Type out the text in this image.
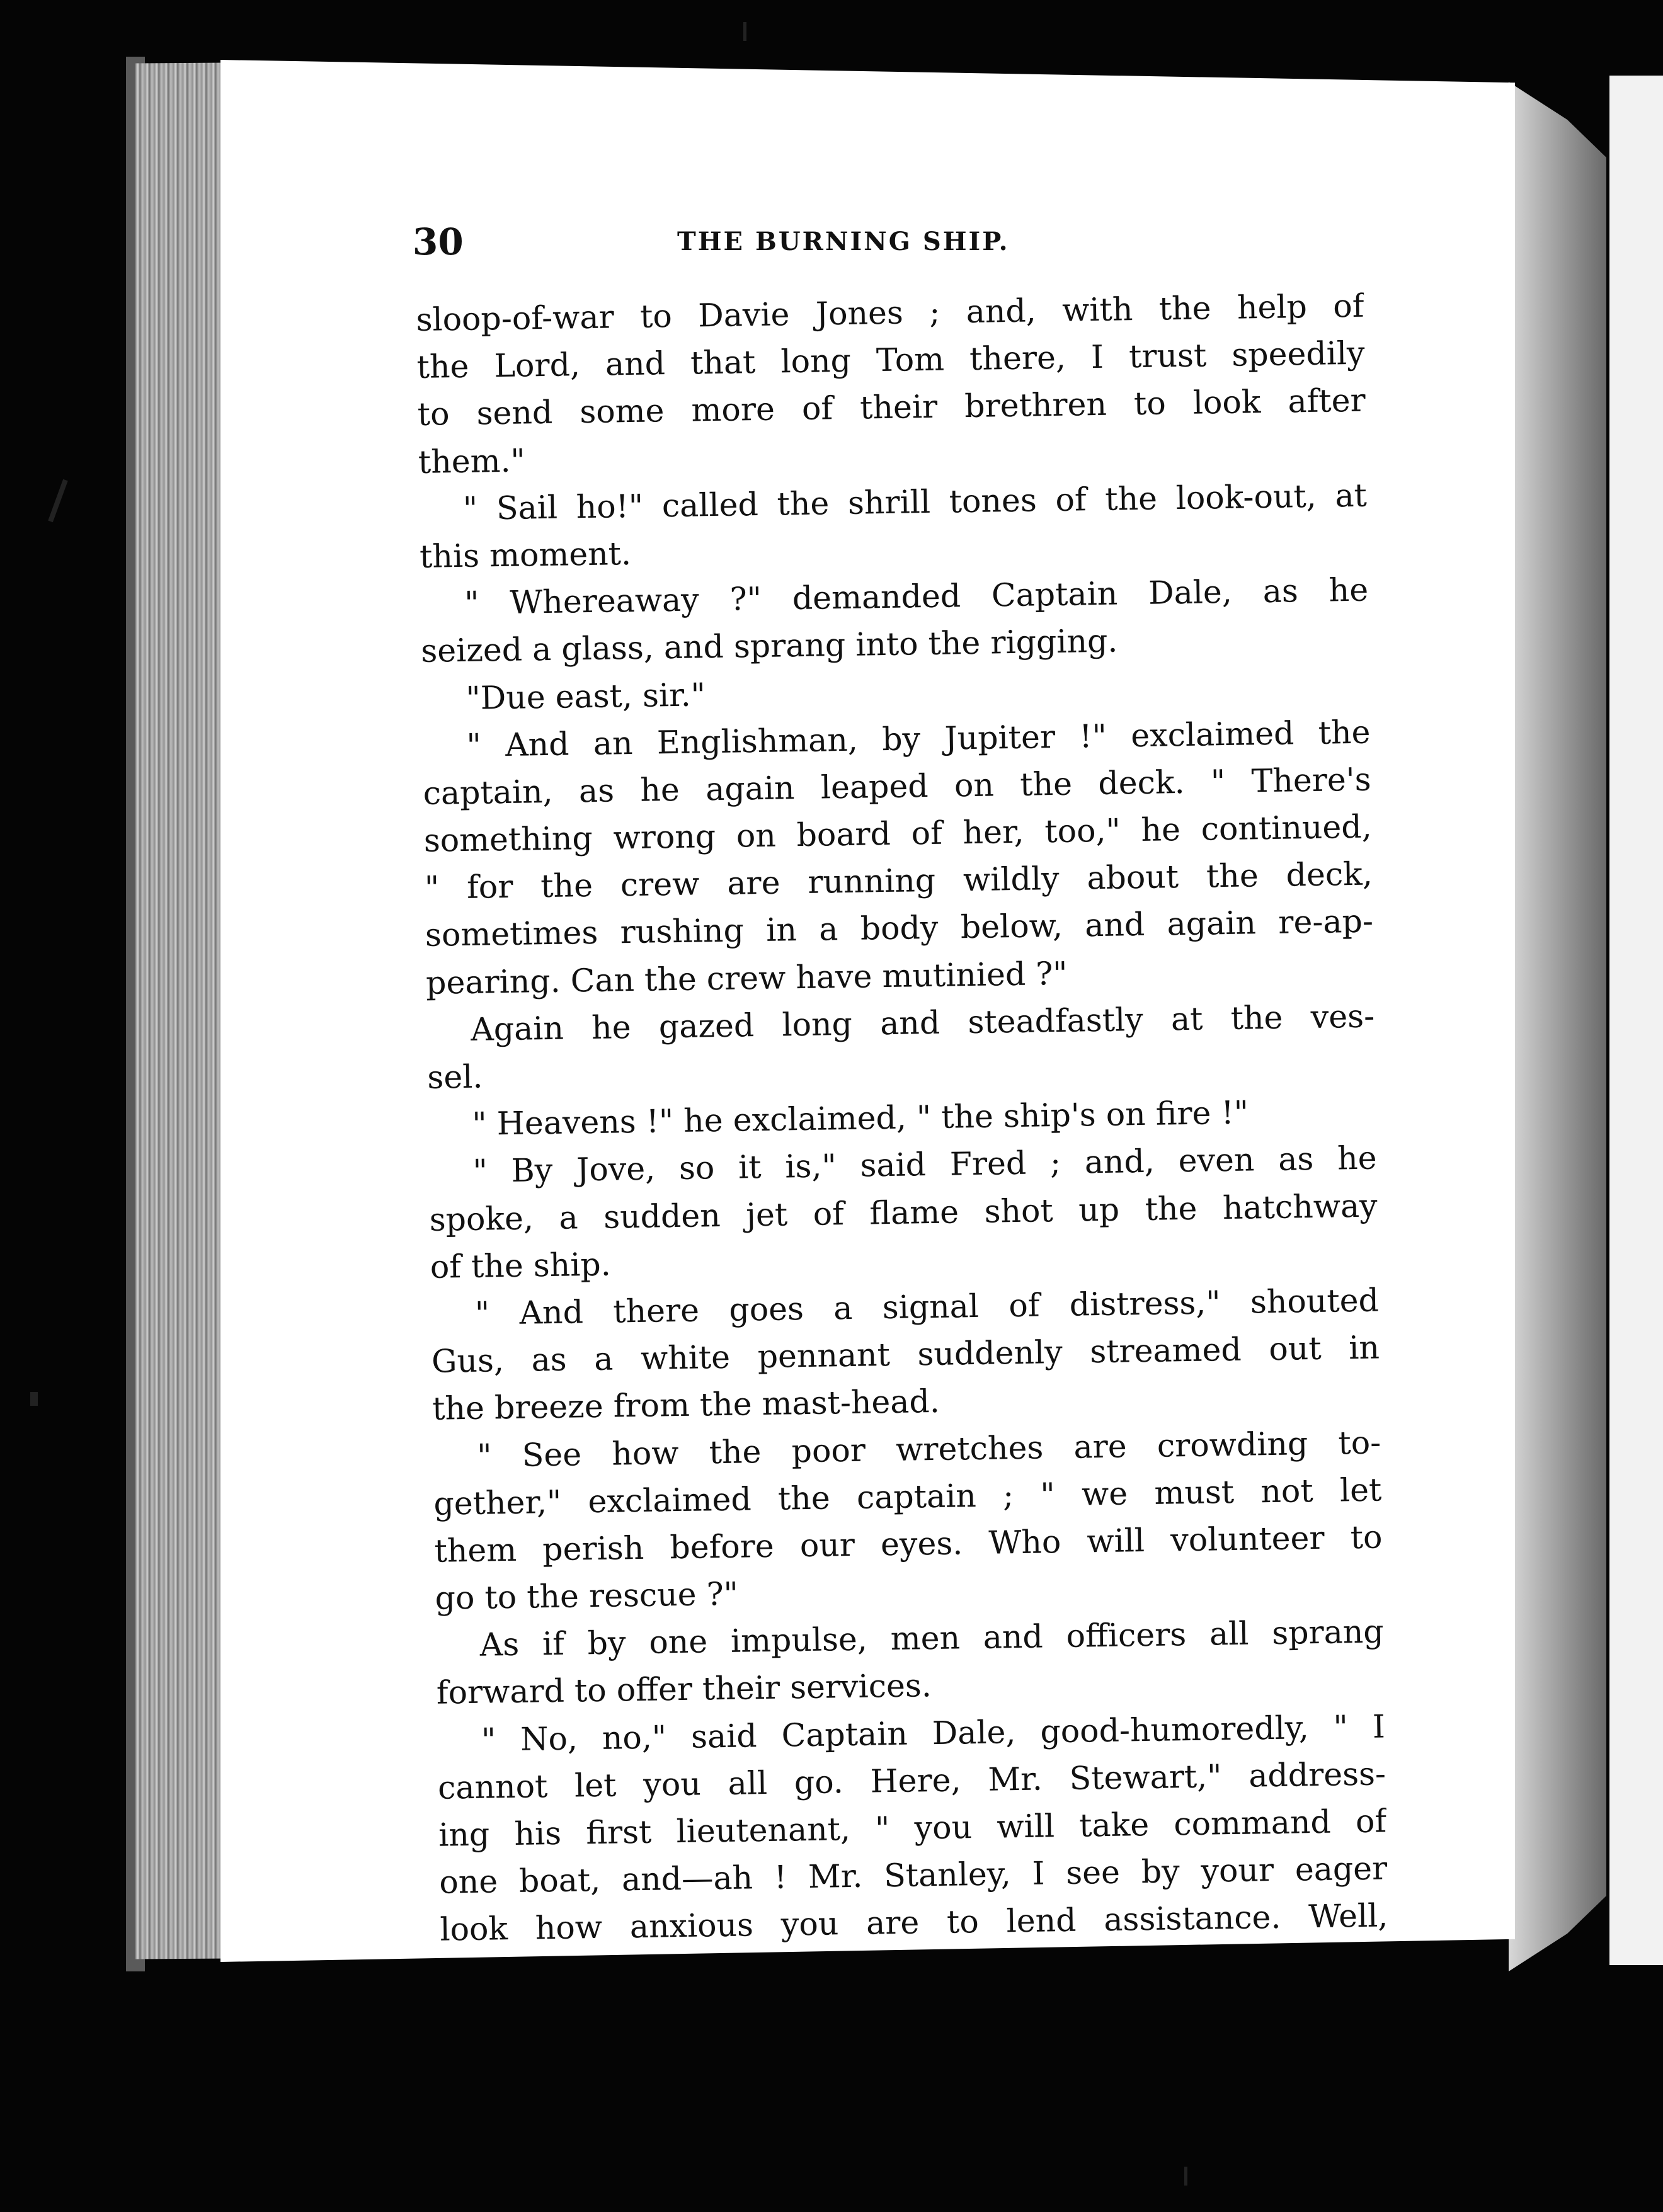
30	THE BURNING SHIP.
sloop-of-war to Davie Jones ; and, with the help of
the Lord, and that long Tom there, I trust speedily
to send some more of their brethren to look after
them."
" Sail ho!" called the shrill tones of the look-out, at
this moment.
" Whereaway ?" demanded Captain Dale, as he
seized a glass, and sprang into the rigging.
"Due east, sir."
" And an Englishman, by Jupiter !" exclaimed the
captain, as he again leaped on the deck. " There's
something wrong on board of her, too," he continued,
" for the crew are running wildly about the deck,
sometimes rushing in a body below, and again re-ap-
pearing. Can the crew have mutinied ?"
Again he gazed long and steadfastly at the ves-
sel.
" Heavens !" he exclaimed, " the ship's on fire !"
" By Jove, so it is," said Fred ; and, even as he
spoke, a sudden jet of flame shot up the hatchway
of the ship.
" And there goes a signal of distress," shouted
Gus, as a white pennant suddenly streamed out in
the breeze from the mast-head.
" See how the poor wretches are crowding to-
gether," exclaimed the captain ; " we must not let
them perish before our eyes. Who will volunteer to
go to the rescue ?"
As if by one impulse, men and officers all sprang
forward to offer their services.
" No, no," said Captain Dale, good-humoredly, " I
cannot let you all go. Here, Mr. Stewart," address-
ing his first lieutenant, " you will take command of
one boat, and—ah ! Mr. Stanley, I see by your eager
look how anxious you are to lend assistance. Well,
